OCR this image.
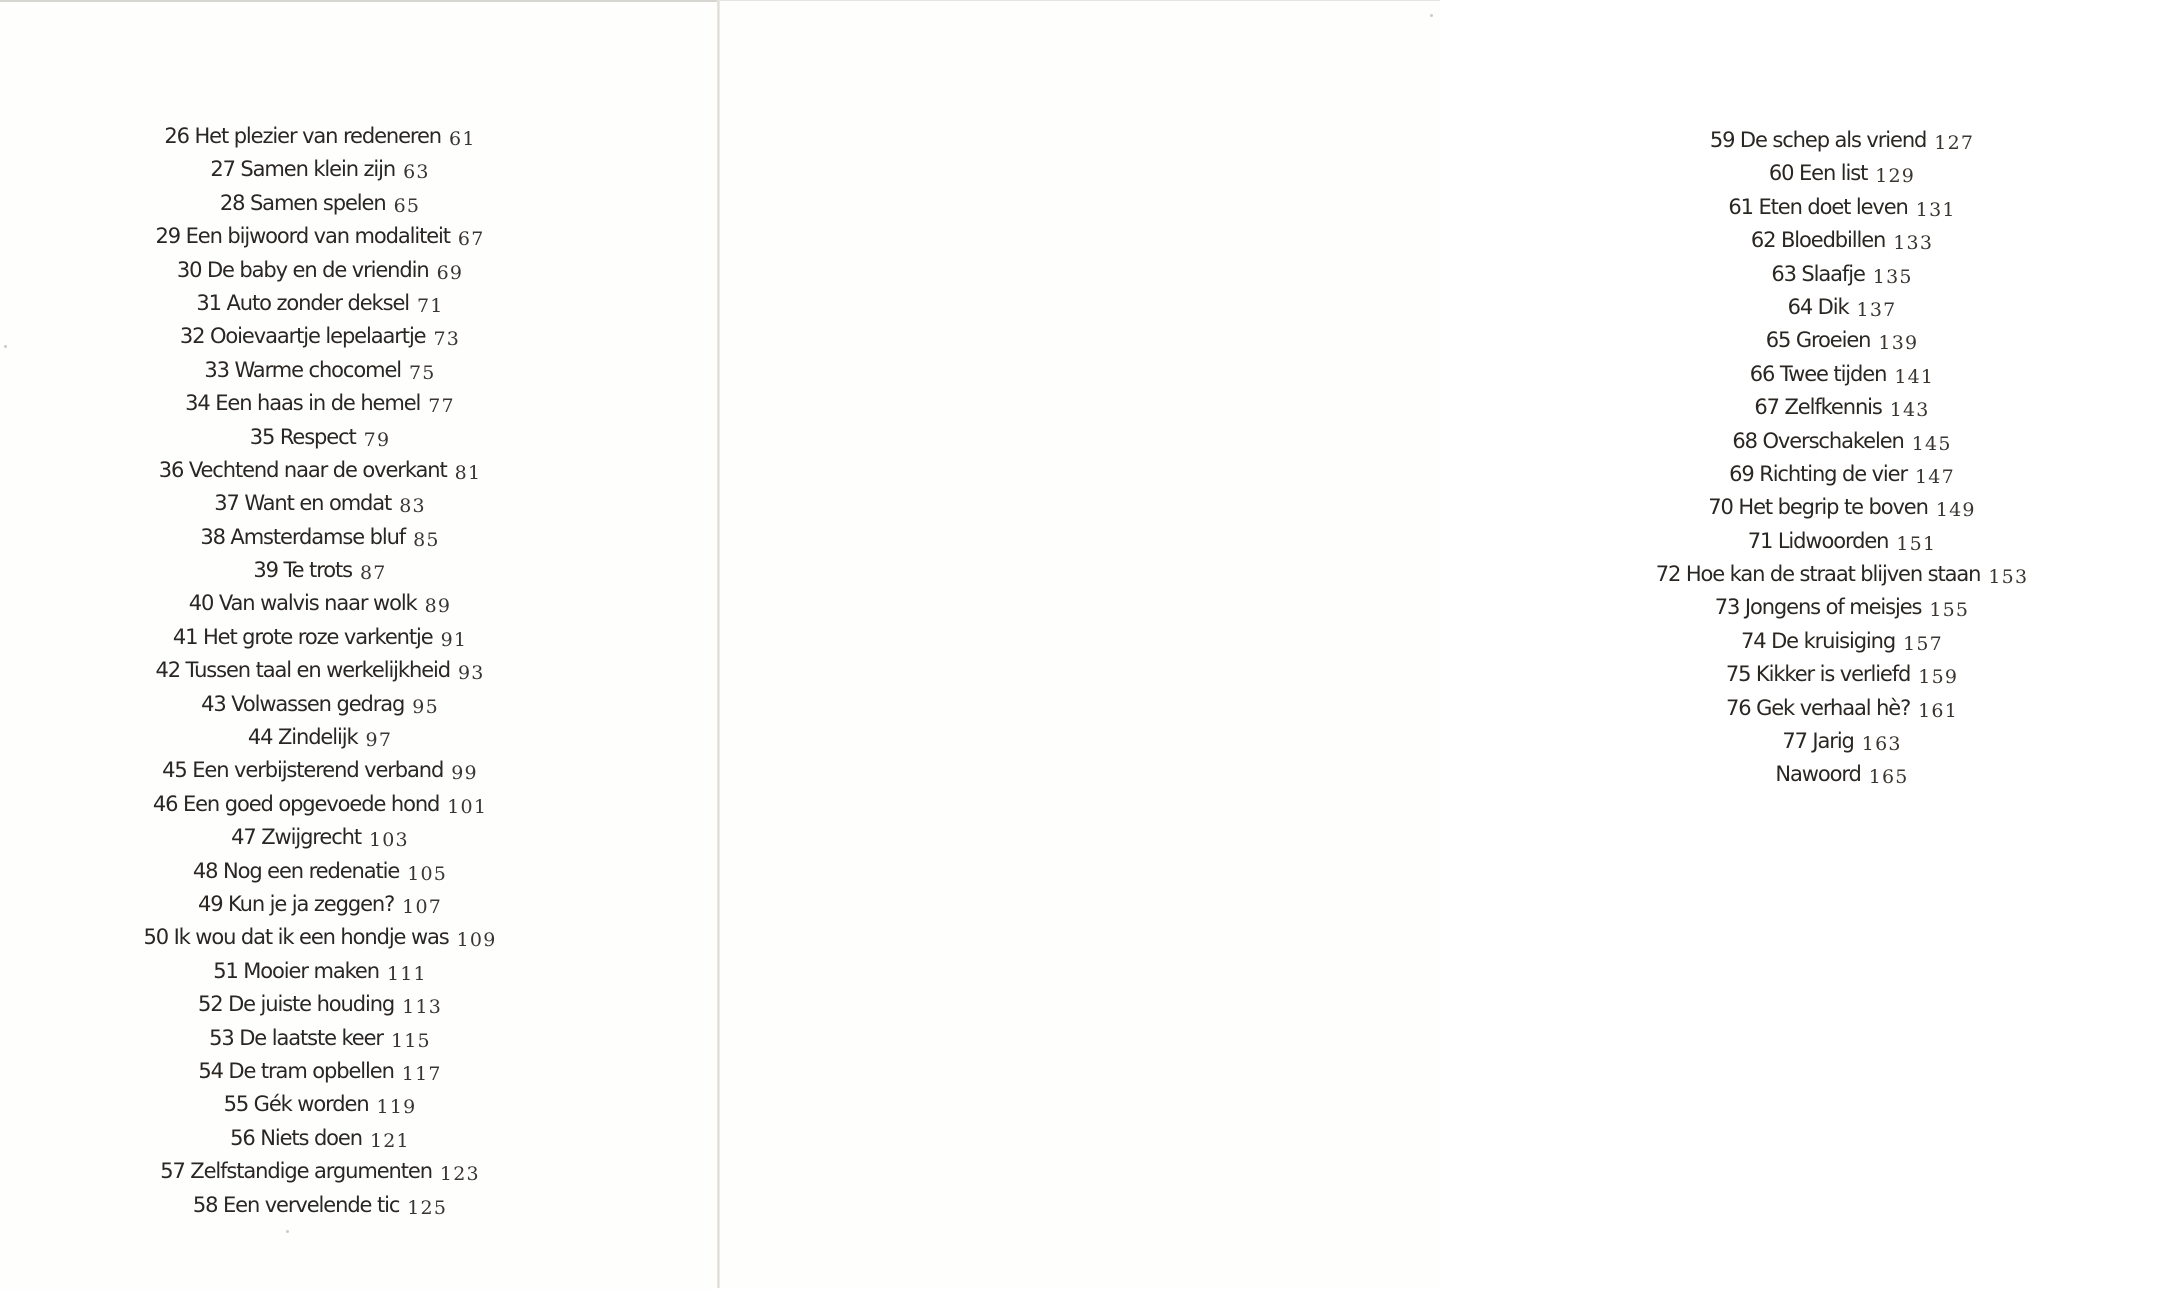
26 Het plezier van redeneren 61
27 Samen klein zijn 63
28 Samen spelen 65
29 Een bijwoord van modaliteit 67
30 De baby en de vriendin 69
31 Auto zonder deksel 71
32 Ooievaartje lepelaartje 73
33 Warme chocomel 75
34 Een haas in de hemel 77
35 Respect 79
36 Vechtend naar de overkant 81
37 Want en omdat 83
38 Amsterdamse bluf 85
39 Te trots 87
40 Van walvis naar wolk 89
41 Het grote roze varkentje 91
42 Tussen taal en werkelijkheid 93
43 Volwassen gedrag 95
44 Zindelijk 97
45 Een verbijsterend verband 99
46 Een goed opgevoede hond 101
47 Zwijgrecht 103
48 Nog een redenatie 105
49 Kun je ja zeggen? 107
50 Ik wou dat ik een hondje was 109
51 Mooier maken 111
52 De juiste houding 113
53 De laatste keer 115
54 De tram opbellen 117
55 Gék worden 119
56 Niets doen 121
57 Zelfstandige argumenten 123
58 Een vervelende tic 125
59 De schep als vriend 127
60 Een list 129
61 Eten doet leven 131
62 Bloedbillen 133
63 Slaafje 135
64 Dik 137
65 Groeien 139
66 Twee tijden 141
67 Zelfkennis 143
68 Overschakelen 145
69 Richting de vier 147
70 Het begrip te boven 149
71 Lidwoorden 151
72 Hoe kan de straat blijven staan 153
73 Jongens of meisjes 155
74 De kruisiging 157
75 Kikker is verliefd 159
76 Gek verhaal hè? 161
77 Jarig 163
Nawoord 165
